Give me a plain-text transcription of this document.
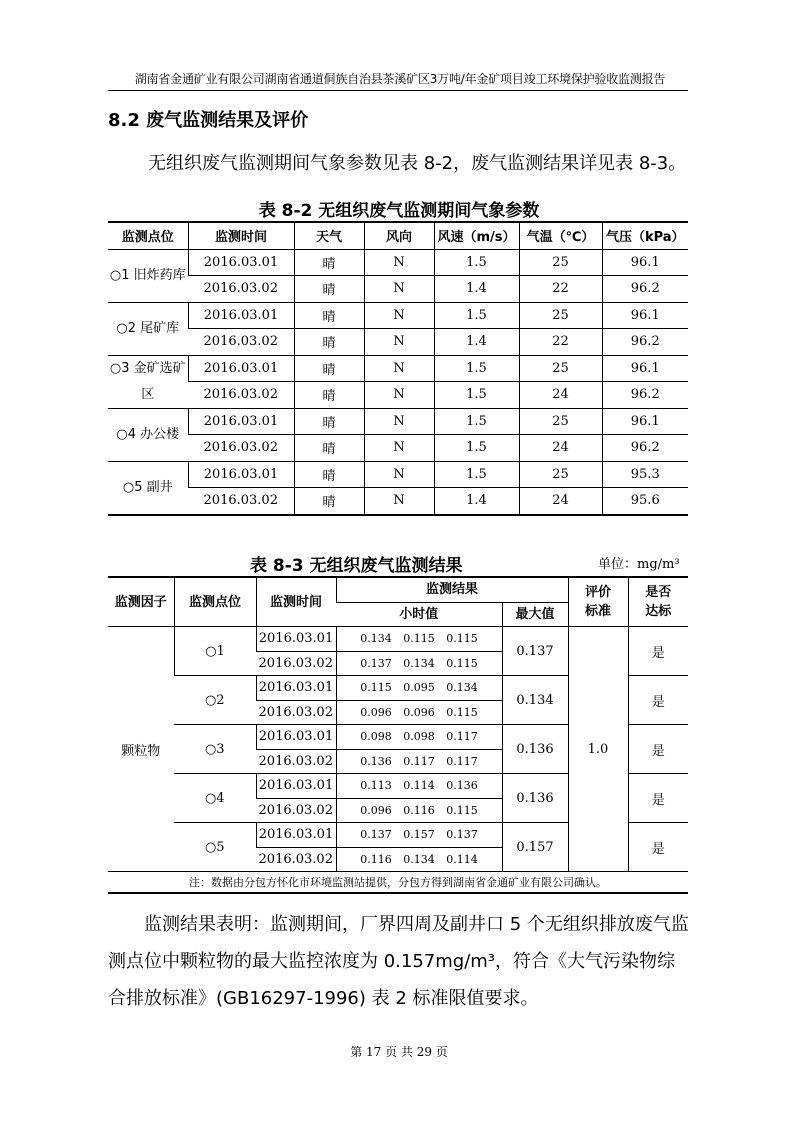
湖南省金通矿业有限公司湖南省通道侗族自治县茶溪矿区3万吨/年金矿项目竣工环境保护验收监测报告
8.2 废气监测结果及评价
无组织废气监测期间气象参数见表 8-2，废气监测结果详见表 8-3。
表 8-2 无组织废气监测期间气象参数
监测点位	监测时间	天气	风向	风速（m/s）	气温（℃）	气压（kPa）
○1 旧炸药库	2016.03.01	晴	N	1.5	25	96.1
	2016.03.02	晴	N	1.4	22	96.2
○2 尾矿库	2016.03.01	晴	N	1.5	25	96.1
	2016.03.02	晴	N	1.4	22	96.2
○3 金矿选矿区	2016.03.01	晴	N	1.5	25	96.1
	2016.03.02	晴	N	1.5	24	96.2
○4 办公楼	2016.03.01	晴	N	1.5	25	96.1
	2016.03.02	晴	N	1.5	24	96.2
○5 副井	2016.03.01	晴	N	1.5	25	95.3
	2016.03.02	晴	N	1.4	24	95.6
表 8-3 无组织废气监测结果	单位：mg/m³
监测因子	监测点位	监测时间	监测结果		评价标准	是否达标
			小时值	最大值		
颗粒物	○1	2016.03.01	0.134 0.115 0.115	0.137	1.0	是
		2016.03.02	0.137 0.134 0.115			
	○2	2016.03.01	0.115 0.095 0.134	0.134		是
		2016.03.02	0.096 0.096 0.115			
	○3	2016.03.01	0.098 0.098 0.117	0.136		是
		2016.03.02	0.136 0.117 0.117			
	○4	2016.03.01	0.113 0.114 0.136	0.136		是
		2016.03.02	0.096 0.116 0.115			
	○5	2016.03.01	0.137 0.157 0.137	0.157		是
		2016.03.02	0.116 0.134 0.114			
注：数据由分包方怀化市环境监测站提供，分包方得到湖南省金通矿业有限公司确认。						
监测结果表明：监测期间，厂界四周及副井口 5 个无组织排放废气监测点位中颗粒物的最大监控浓度为 0.157mg/m³，符合《大气污染物综合排放标准》(GB16297-1996) 表 2 标准限值要求。
第 17 页 共 29 页
